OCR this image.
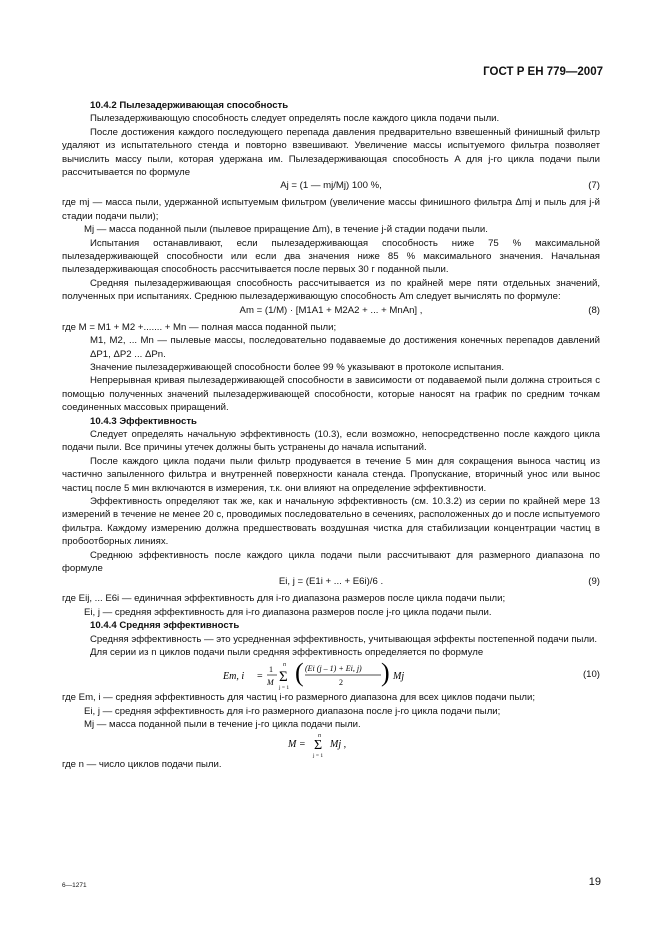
ГОСТ Р ЕН 779—2007

10.4.2 Пылезадерживающая способность

Пылезадерживающую способность следует определять после каждого цикла подачи пыли.

После достижения каждого последующего перепада давления предварительно взвешенный финишный фильтр удаляют из испытательного стенда и повторно взвешивают. Увеличение массы испытуемого фильтра позволяет вычислить массу пыли, которая удержана им. Пылезадерживающая способность A для j-го цикла подачи пыли рассчитывается по формуле

Aj = (1 — mj/Mj) 100 %,	(7)

где mj — масса пыли, удержанной испытуемым фильтром (увеличение массы финишного фильтра Δmj и пыль для j-й стадии подачи пыли);

Mj — масса поданной пыли (пылевое приращение Δm), в течение j-й стадии подачи пыли.

Испытания останавливают, если пылезадерживающая способность ниже 75 % максимальной пылезадерживающей способности или если два значения ниже 85 % максимального значения. Начальная пылезадерживающая способность рассчитывается после первых 30 г поданной пыли.

Средняя пылезадерживающая способность рассчитывается из по крайней мере пяти отдельных значений, полученных при испытаниях. Среднюю пылезадерживающую способность Am следует вычислять по формуле:

Am = (1/M) · [M1A1 + M2A2 + ... + MnAn] ,	(8)

где M = M1 + M2 +....... + Mn — полная масса поданной пыли;

M1, M2, ... Mn — пылевые массы, последовательно подаваемые до достижения конечных перепадов давлений ΔP1, ΔP2 ... ΔPn.

Значение пылезадерживающей способности более 99 % указывают в протоколе испытания.

Непрерывная кривая пылезадерживающей способности в зависимости от подаваемой пыли должна строиться с помощью полученных значений пылезадерживающей способности, которые наносят на график по средним точкам соединенных массовых приращений.

10.4.3 Эффективность

Следует определять начальную эффективность (10.3), если возможно, непосредственно после каждого цикла подачи пыли. Все причины утечек должны быть устранены до начала испытаний.

После каждого цикла подачи пыли фильтр продувается в течение 5 мин для сокращения выноса частиц из частично запыленного фильтра и внутренней поверхности канала стенда. Пропускание, вторичный унос или вынос частиц после 5 мин включаются в измерения, т.к. они влияют на определение эффективности.

Эффективность определяют так же, как и начальную эффективность (см. 10.3.2) из серии по крайней мере 13 измерений в течение не менее 20 с, проводимых последовательно в сечениях, расположенных до и после испытуемого фильтра. Каждому измерению должна предшествовать воздушная чистка для стабилизации концентрации частиц в пробоотборных линиях.

Среднюю эффективность после каждого цикла подачи пыли рассчитывают для размерного диапазона по формуле

Ei, j = (E1i + ... + E6i)/6 .	(9)

где Eij, ... E6i — единичная эффективность для i-го диапазона размеров после цикла подачи пыли;

Ei, j — средняя эффективность для i-го диапазона размеров после j-го цикла подачи пыли.

10.4.4 Средняя эффективность

Средняя эффективность — это усредненная эффективность, учитывающая эффекты постепенной подачи пыли.

Для серии из n циклов подачи пыли средняя эффективность определяется по формуле

Em, i =
1
M
n
Σ
j = 1
( (Ei (j – 1) + Ei, j)
2 ) Mj	(10)

где Em, i — средняя эффективность для частиц i-го размерного диапазона для всех циклов подачи пыли;

Ei, j — средняя эффективность для i-го размерного диапазона после j-го цикла подачи пыли;

Mj — масса поданной пыли в течение j-го цикла подачи пыли.

M =
n
Σ
j = 1
Mj ,

где n — число циклов подачи пыли.

6—1271	19
